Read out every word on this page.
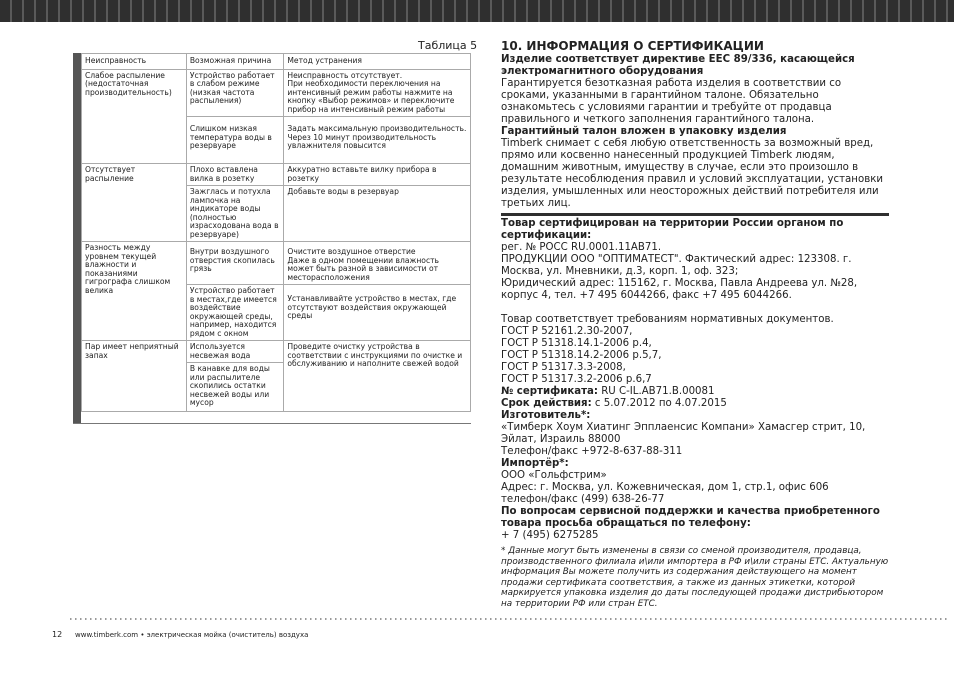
Таблица 5
Неисправность	Возможная причина	Метод устранения
Слабое распыление (недостаточная производительность)	Устройство работает в слабом режиме (низкая частота распыления)	Неисправность отсутствует.
При необходимости переключения на интенсивный режим работы нажмите на кнопку «Выбор режимов» и переключите прибор на интенсивный режим работы
	Слишком низкая температура воды в резервуаре	Задать максимальную производительность. Через 10 минут производительность увлажнителя повысится
Отсутствует распыление	Плохо вставлена вилка в розетку	Аккуратно вставьте вилку прибора в розетку
	Зажглась и потухла лампочка на индикаторе воды (полностью израсходована вода в резервуаре)	Добавьте воды в резервуар
Разность между уровнем текущей влажности и показаниями гигрографа слишком велика	Внутри воздушного отверстия скопилась грязь	Очистите воздушное отверстие
Даже в одном помещении влажность может быть разной в зависимости от месторасположения
	Устройство работает в местах,где имеется воздействие окружающей среды, например, находится рядом с окном	Устанавливайте устройство в местах, где отсутствуют воздействия окружающей среды
Пар имеет неприятный запах	Используется несвежая вода	Проведите очистку устройства в соответствии с инструкциями по очистке и обслуживанию и наполните свежей водой
	В канавке для воды или распылителе скопились остатки несвежей воды или мусор	
10. ИНФОРМАЦИЯ О СЕРТИФИКАЦИИ

Изделие соответствует директиве EEC 89/336, касающейся электромагнитного оборудования

Гарантируется безотказная работа изделия в соответствии со сроками, указанными в гарантийном талоне. Обязательно ознакомьтесь с условиями гарантии и требуйте от продавца правильного и четкого заполнения гарантийного талона.

Гарантийный талон вложен в упаковку изделия

Timberk снимает с себя любую ответственность за возможный вред, прямо или косвенно нанесенный продукцией Timberk людям, домашним животным, имуществу в случае, если это произошло в результате несоблюдения правил и условий эксплуатации, установки изделия, умышленных или неосторожных действий потребителя или третьих лиц.

Товар сертифицирован на территории России органом по сертификации:

рег. № РОСС RU.0001.11АВ71.

ПРОДУКЦИИ ООО "ОПТИМАТЕСТ". Фактический адрес: 123308. г. Москва, ул. Мневники, д.3, корп. 1, оф. 323;

Юридический адрес: 115162, г. Москва, Павла Андреева ул. №28, корпус 4, тел. +7 495 6044266, факс +7 495 6044266.

Товар соответствует требованиям нормативных документов.

ГОСТ Р 52161.2.30-2007,

ГОСТ Р 51318.14.1-2006 р.4,

ГОСТ Р 51318.14.2-2006 р.5,7,

ГОСТ Р 51317.3.3-2008,

ГОСТ Р 51317.3.2-2006 р.6,7

№ сертификата: RU C-IL.АВ71.В.00081

Срок действия: с 5.07.2012 по 4.07.2015

Изготовитель*:

«Тимберк Хоум Хиатинг Эпплаенсис Компани» Хамасгер стрит, 10, Эйлат, Израиль 88000

Телефон/факс +972-8-637-88-311

Импортёр*:

ООО «Гольфстрим»

Адрес: г. Москва, ул. Кожевническая, дом 1, стр.1, офис 606

телефон/факс (499) 638-26-77

По вопросам сервисной поддержки и качества приобретенного товара просьба обращаться по телефону:

+ 7 (495) 6275285

* Данные могут быть изменены в связи со сменой производителя, продавца, производственного филиала и\или импортера в РФ и\или страны ЕТС. Актуальную информация Вы можете получить из содержания действующего на момент продажи сертификата соответствия, а также из данных этикетки, которой маркируется упаковка изделия до даты последующей продажи дистрибьютором на территории РФ или стран ЕТС.
12 www.timberk.com • электрическая мойка (очиститель) воздуха
